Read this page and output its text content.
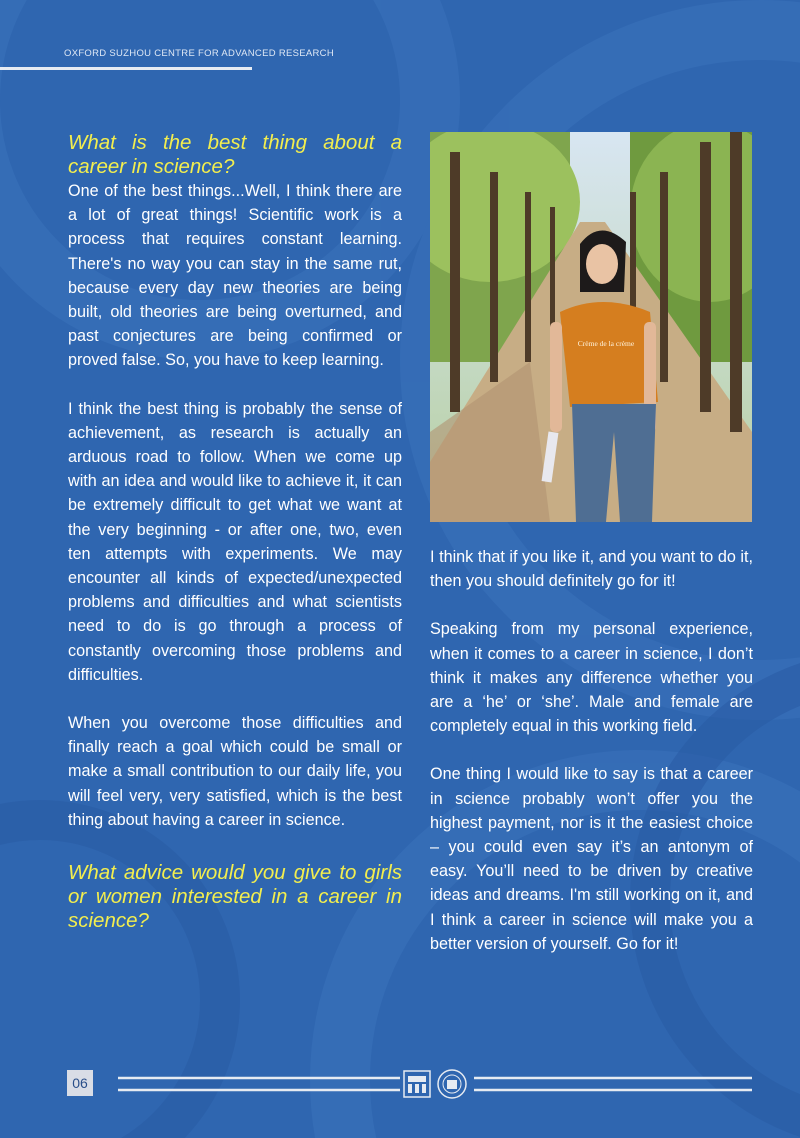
OXFORD SUZHOU CENTRE FOR ADVANCED RESEARCH
What is the best thing about a career in science?
One of the best things...Well, I think there are a lot of great things! Scientific work is a process that requires constant learning. There's no way you can stay in the same rut, because every day new theories are being built, old theories are being overturned, and past conjectures are being confirmed or proved false. So, you have to keep learning.
I think the best thing is probably the sense of achievement, as research is actually an arduous road to follow. When we come up with an idea and would like to achieve it, it can be extremely difficult to get what we want at the very beginning - or after one, two, even ten attempts with experiments. We may encounter all kinds of expected/unexpected problems and difficulties and what scientists need to do is go through a process of constantly overcoming those problems and difficulties.
When you overcome those difficulties and finally reach a goal which could be small or make a small contribution to our daily life, you will feel very, very satisfied, which is the best thing about having a career in science.
What advice would you give to girls or women interested in a career in science?
Crème de la crème
I think that if you like it, and you want to do it, then you should definitely go for it!
Speaking from my personal experience, when it comes to a career in science, I don’t think it makes any difference whether you are a ‘he’ or ‘she’. Male and female are completely equal in this working field.
One thing I would like to say is that a career in science probably won’t offer you the highest payment, nor is it the easiest choice – you could even say it’s an antonym of easy. You’ll need to be driven by creative ideas and dreams. I'm still working on it, and I think a career in science will make you a better version of yourself. Go for it!
06
